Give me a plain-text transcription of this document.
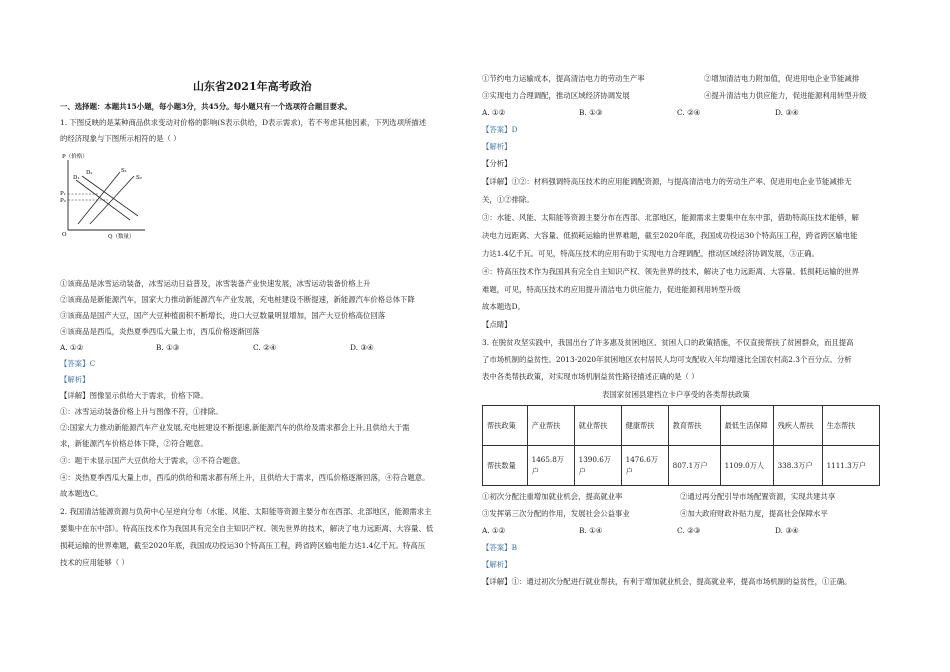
山东省2021年高考政治
一、选择题：本题共15小题，每小题3分，共45分。每小题只有一个选项符合题目要求。
1. 下图反映的是某种商品供求变动对价格的影响(S表示供给，D表示需求)，若不考虑其他因素，下列选项所描述
的经济现象与下图所示相符的是（ ）
P（价格）
Q（数量）
O
D₂
D₁
S₁
S₂
P₁
P₂
①该商品是冰雪运动装备，冰雪运动日益普及，冰雪装备产业快速发展，冰雪运动装备价格上升
②该商品是新能源汽车，国家大力推动新能源汽车产业发展，充电桩建设不断提速，新能源汽车价格总体下降
③该商品是国产大豆，国产大豆种植面积不断增长，进口大豆数量明显增加，国产大豆价格高位回落
④该商品是西瓜，炎热夏季西瓜大量上市，西瓜价格逐渐回落
A. ①②	B. ①③	C. ②④	D. ③④
【答案】C
【解析】
【详解】图像显示供给大于需求，价格下降。
①：冰雪运动装备价格上升与图像不符，①排除。
②:国家大力推动新能源汽车产业发展,充电桩建设不断提速,新能源汽车的供给及需求都会上升,且供给大于需
求，新能源汽车价格总体下降，②符合题意。
③：题干未显示国产大豆供给大于需求，③不符合题意。
④：炎热夏季西瓜大量上市，西瓜的供给和需求都有所上升，且供给大于需求，西瓜价格逐渐回落，④符合题意。
故本题选C。
2. 我国清洁能源资源与负荷中心呈逆向分布（水能、风能、太阳能等资源主要分布在西部、北部地区，能源需求主
要集中在东中部）。特高压技术作为我国具有完全自主知识产权、领先世界的技术，解决了电力远距离、大容量、低
损耗运输的世界难题，截至2020年底，我国成功投运30个特高压工程，跨省跨区输电能力达1.4亿千瓦。特高压
技术的应用能够（ ）
①节约电力运输成本，提高清洁电力的劳动生产率	②增加清洁电力附加值，促进用电企业节能减排
③实现电力合理调配，推动区域经济协调发展	④提升清洁电力供应能力，促进能源利用转型升级
A. ①②	B. ①③	C. ②④	D. ③④
【答案】D
【解析】
【分析】
【详解】①②：材料强调特高压技术的应用能调配资源，与提高清洁电力的劳动生产率、促进用电企业节能减排无
关，①②排除。
③：水能、风能、太阳能等资源主要分布在西部、北部地区，能源需求主要集中在东中部，借助特高压技术能够，解
决电力远距离、大容量、低损耗运输的世界难题，截至2020年底，我国成功投运30个特高压工程，跨省跨区输电能
力达1.4亿千瓦。可见，特高压技术的应用有助于实现电力合理调配，推动区域经济协调发展，③正确。
④：特高压技术作为我国具有完全自主知识产权、领先世界的技术，解决了电力远距离、大容量、低损耗运输的世界
难题，可见，特高压技术的应用提升清洁电力供应能力，促进能源利用转型升级
故本题选D。
【点睛】
3. 在脱贫攻坚实践中，我国出台了许多惠及贫困地区、贫困人口的政策措施，不仅直接帮扶了贫困群众，而且提高
了市场机制的益贫性。2013-2020年贫困地区农村居民人均可支配收入年均增速比全国农村高2.3个百分点。分析
表中各类帮扶政策，对实现市场机制益贫性路径描述正确的是（ ）
表国家贫困县建档立卡户享受的各类帮扶政策
帮扶政策	产业帮扶	就业帮扶	健康帮扶	教育帮扶	最低生活保障	残疾人帮扶	生态帮扶
帮扶数量	1465.8万户	1390.6万户	1476.6万户	807.1万户	1109.0万人	338.3万户	1111.3万户
①初次分配注重增加就业机会，提高就业率	②通过再分配引导市场配置资源，实现共建共享
③发挥第三次分配的作用，发展社会公益事业	④加大政府财政补贴力度，提高社会保障水平
A. ①②	B. ①④	C. ②③	D. ③④
【答案】B
【解析】
【详解】①：通过初次分配进行就业帮扶，有利于增加就业机会，提高就业率，提高市场机制的益贫性，①正确。
